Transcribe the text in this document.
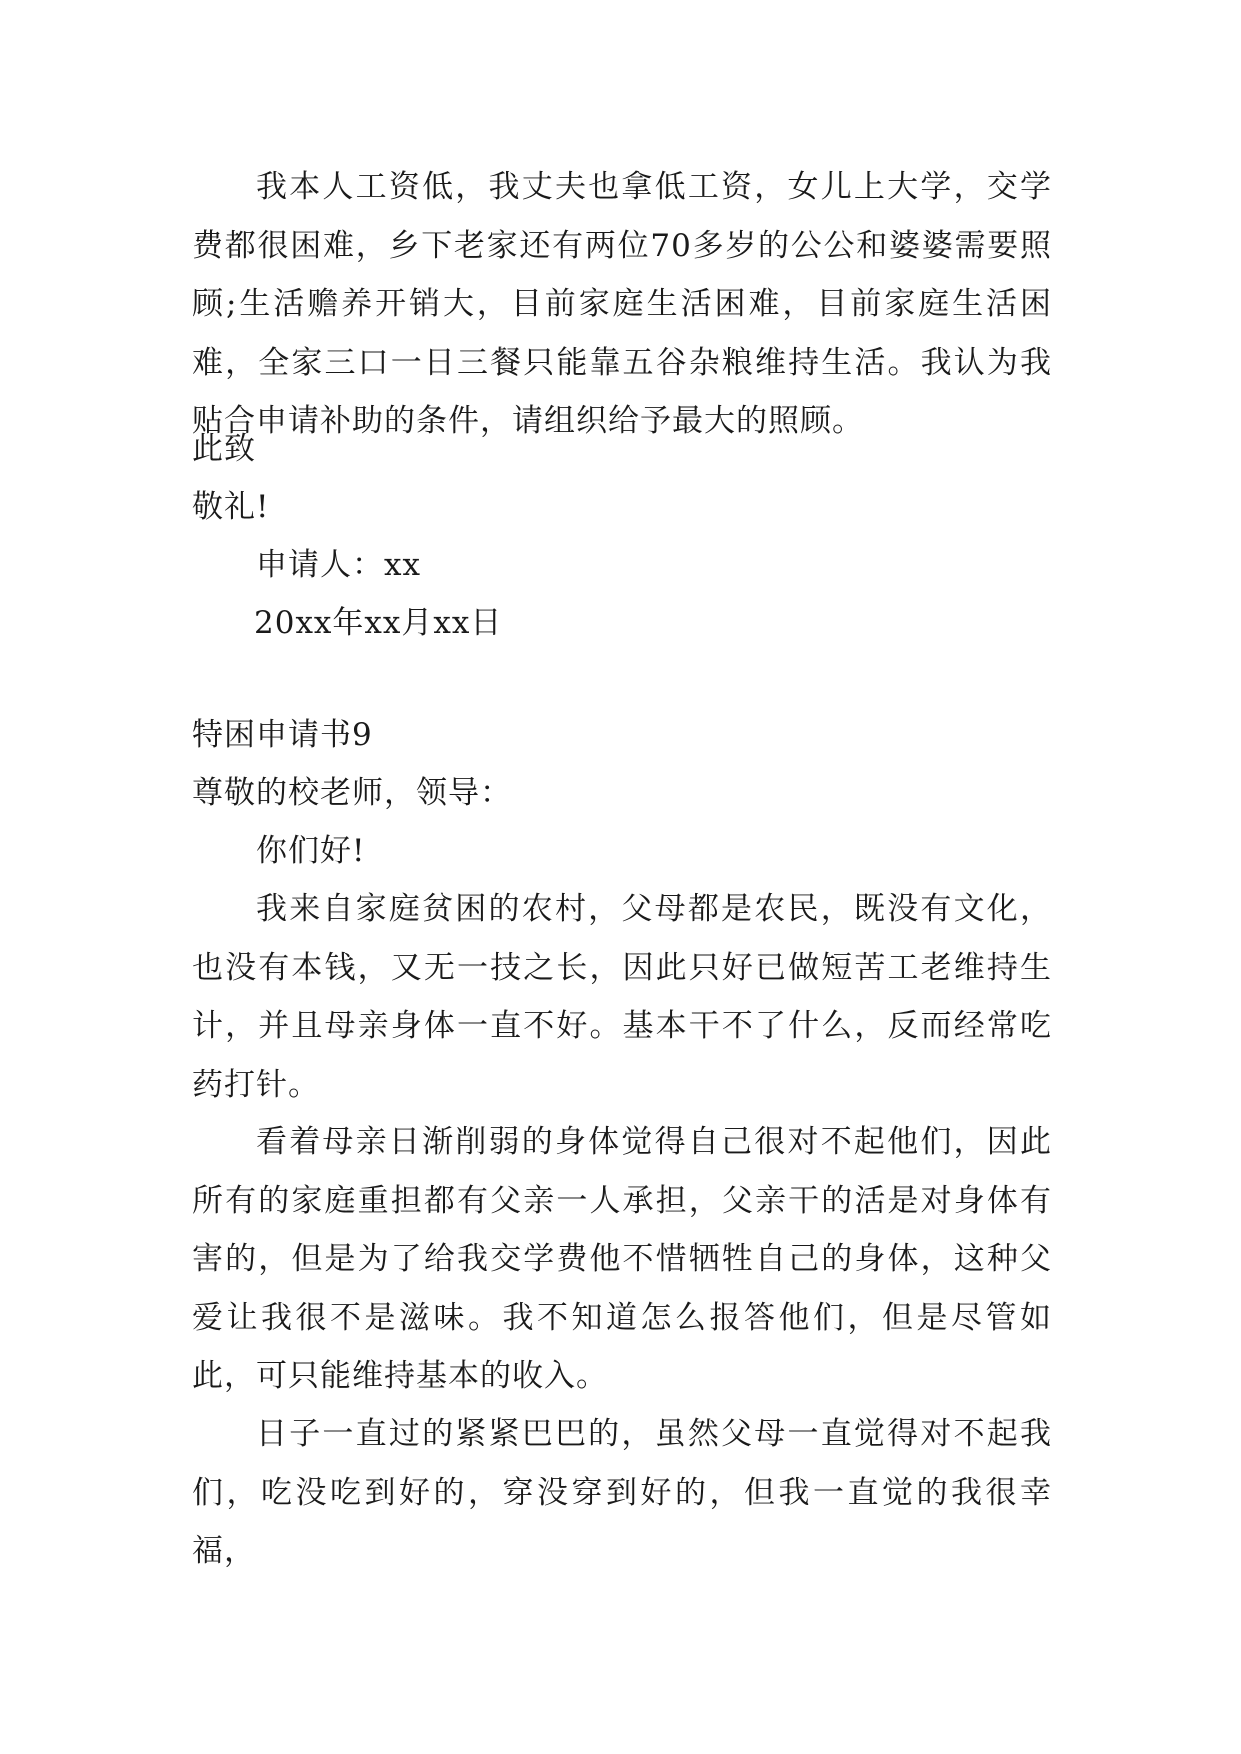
我本人工资低，我丈夫也拿低工资，女儿上大学，交学费都很困难，乡下老家还有两位70多岁的公公和婆婆需要照顾;生活赡养开销大，目前家庭生活困难，目前家庭生活困难，全家三口一日三餐只能靠五谷杂粮维持生活。我认为我贴合申请补助的条件，请组织给予最大的照顾。

此致

敬礼!

申请人：xx

20xx年xx月xx日

特困申请书9

尊敬的校老师，领导：

你们好!

我来自家庭贫困的农村，父母都是农民，既没有文化，也没有本钱，又无一技之长，因此只好已做短苦工老维持生计，并且母亲身体一直不好。基本干不了什么，反而经常吃药打针。

看着母亲日渐削弱的身体觉得自己很对不起他们，因此所有的家庭重担都有父亲一人承担，父亲干的活是对身体有害的，但是为了给我交学费他不惜牺牲自己的身体，这种父爱让我很不是滋味。我不知道怎么报答他们，但是尽管如此，可只能维持基本的收入。

日子一直过的紧紧巴巴的，虽然父母一直觉得对不起我们，吃没吃到好的，穿没穿到好的，但我一直觉的我很幸福，
